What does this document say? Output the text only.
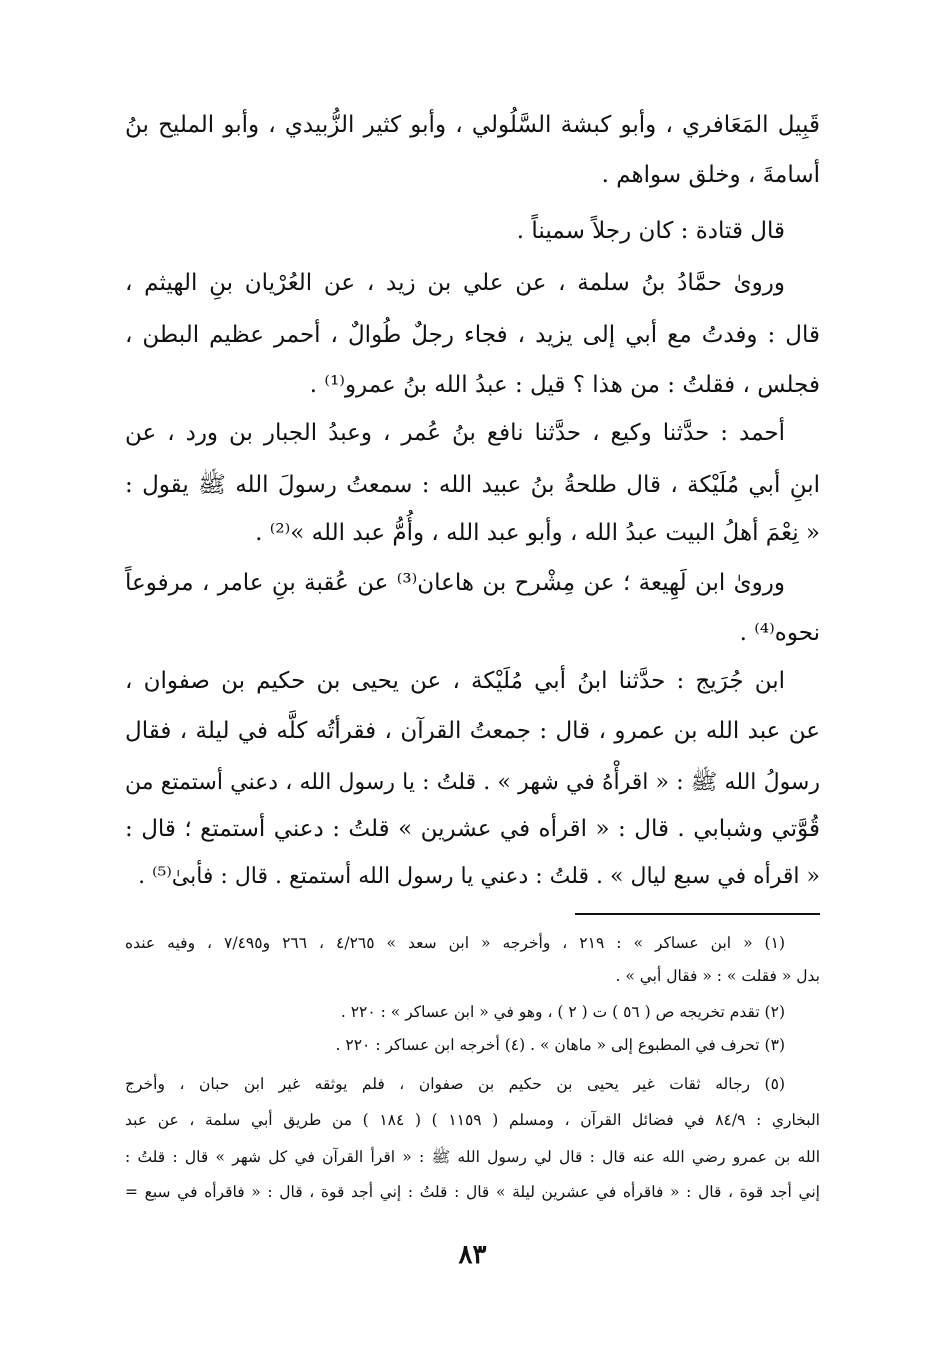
قَبِيل المَعَافري ، وأبو كبشة السَّلُولي ، وأبو كثير الزُّبيدي ، وأبو المليح بنُ
أسامةَ ، وخلق سواهم .
قال قتادة : كان رجلاً سميناً .
وروىٰ حمَّادُ بنُ سلمة ، عن علي بن زيد ، عن العُرْيان بنِ الهيثم ،
قال : وفدتُ مع أبي إلى يزيد ، فجاء رجلٌ طُوالٌ ، أحمر عظيم البطن ،
فجلس ، فقلتُ : من هذا ؟ قيل : عبدُ الله بنُ عمرو⁽¹⁾ .
أحمد : حدَّثنا وكيع ، حدَّثنا نافع بنُ عُمر ، وعبدُ الجبار بن ورد ، عن
ابنِ أبي مُلَيْكة ، قال طلحةُ بنُ عبيد الله : سمعتُ رسولَ الله ﷺ يقول :
« نِعْمَ أهلُ البيت عبدُ الله ، وأبو عبد الله ، وأُمُّ عبد الله »⁽²⁾ .
وروىٰ ابن لَهِيعة ؛ عن مِشْرح بن هاعان⁽³⁾ عن عُقبة بنِ عامر ، مرفوعاً
نحوه⁽⁴⁾ .
ابن جُرَيج : حدَّثنا ابنُ أبي مُلَيْكة ، عن يحيى بن حكيم بن صفوان ،
عن عبد الله بن عمرو ، قال : جمعتُ القرآن ، فقرأتُه كلَّه في ليلة ، فقال
رسولُ الله ﷺ : « اقرأْهُ في شهر » . قلتُ : يا رسول الله ، دعني أستمتع من
قُوَّتي وشبابي . قال : « اقرأه في عشرين » قلتُ : دعني أستمتع ؛ قال :
« اقرأه في سبع ليال » . قلتُ : دعني يا رسول الله أستمتع . قال : فأبىٰ⁽⁵⁾ .
(١) « ابن عساكر » : ٢١٩ ، وأخرجه « ابن سعد » ٤/٢٦٥ ، ٢٦٦ و٧/٤٩٥ ، وفيه عنده
بدل « فقلت » : « فقال أبي » .
(٢) تقدم تخريجه ص ( ٥٦ ) ت ( ٢ ) ، وهو في « ابن عساكر » : ٢٢٠ .
(٣) تحرف في المطبوع إلى « ماهان » . (٤) أخرجه ابن عساكر : ٢٢٠ .
(٥) رجاله ثقات غير يحيى بن حكيم بن صفوان ، فلم يوثقه غير ابن حبان ، وأخرج
البخاري : ٨٤/٩ في فضائل القرآن ، ومسلم ( ١١٥٩ ) ( ١٨٤ ) من طريق أبي سلمة ، عن عبد
الله بن عمرو رضي الله عنه قال : قال لي رسول الله ﷺ : « اقرأ القرآن في كل شهر » قال : قلتُ :
إني أجد قوة ، قال : « فاقرأه في عشرين ليلة » قال : قلتُ : إني أجد قوة ، قال : « فاقرأه في سبع =
٨٣
